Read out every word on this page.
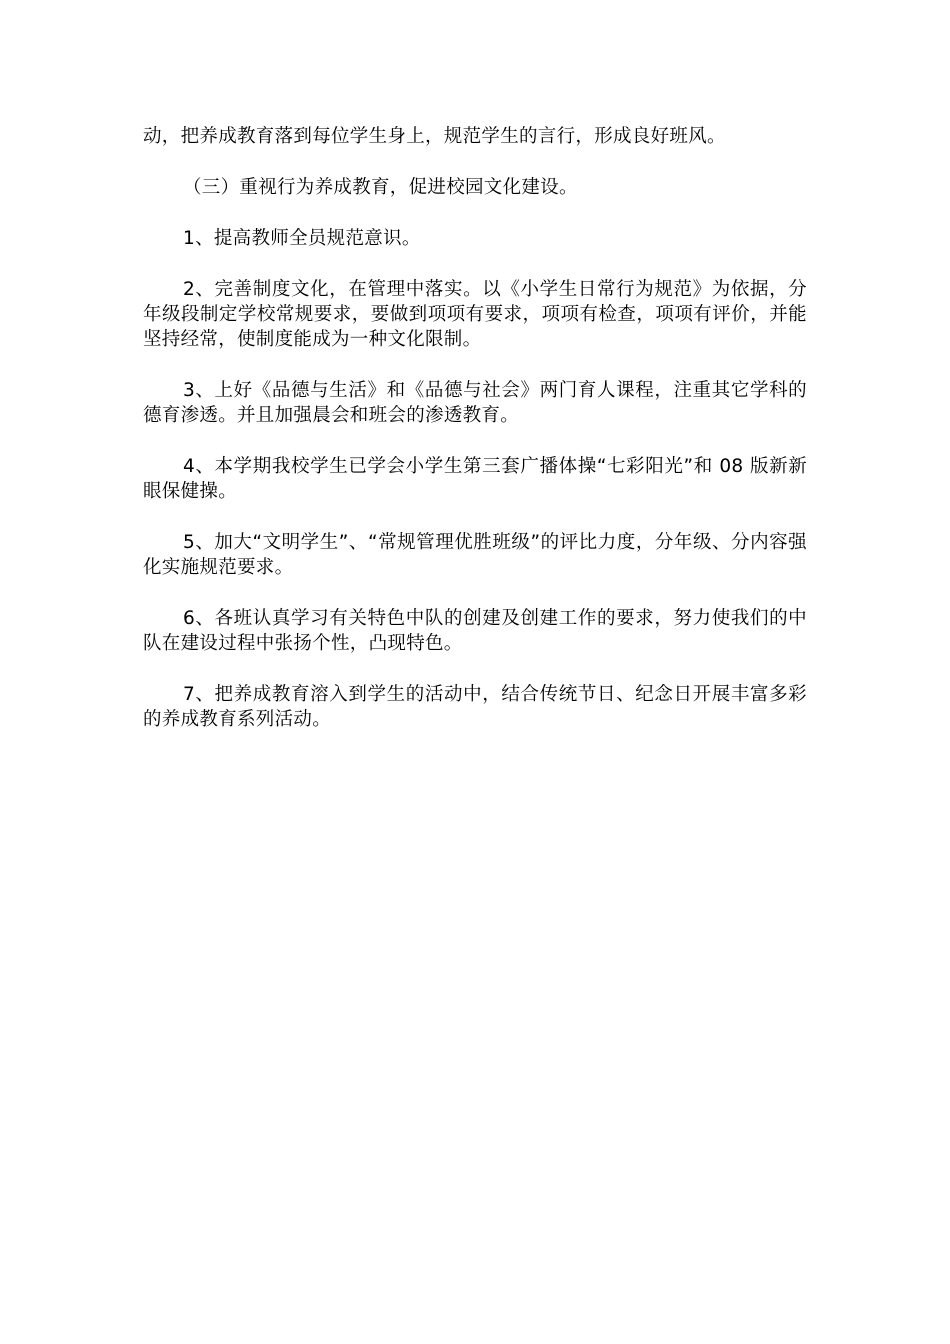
动，把养成教育落到每位学生身上，规范学生的言行，形成良好班风。

（三）重视行为养成教育，促进校园文化建设。

1、提高教师全员规范意识。

2、完善制度文化，在管理中落实。以《小学生日常行为规范》为依据，分年级段制定学校常规要求，要做到项项有要求，项项有检查，项项有评价，并能坚持经常，使制度能成为一种文化限制。

3、上好《品德与生活》和《品德与社会》两门育人课程，注重其它学科的德育渗透。并且加强晨会和班会的渗透教育。

4、本学期我校学生已学会小学生第三套广播体操“七彩阳光”和 08 版新新眼保健操。

5、加大“文明学生”、“常规管理优胜班级”的评比力度，分年级、分内容强化实施规范要求。

6、各班认真学习有关特色中队的创建及创建工作的要求，努力使我们的中队在建设过程中张扬个性，凸现特色。

7、把养成教育溶入到学生的活动中，结合传统节日、纪念日开展丰富多彩的养成教育系列活动。
